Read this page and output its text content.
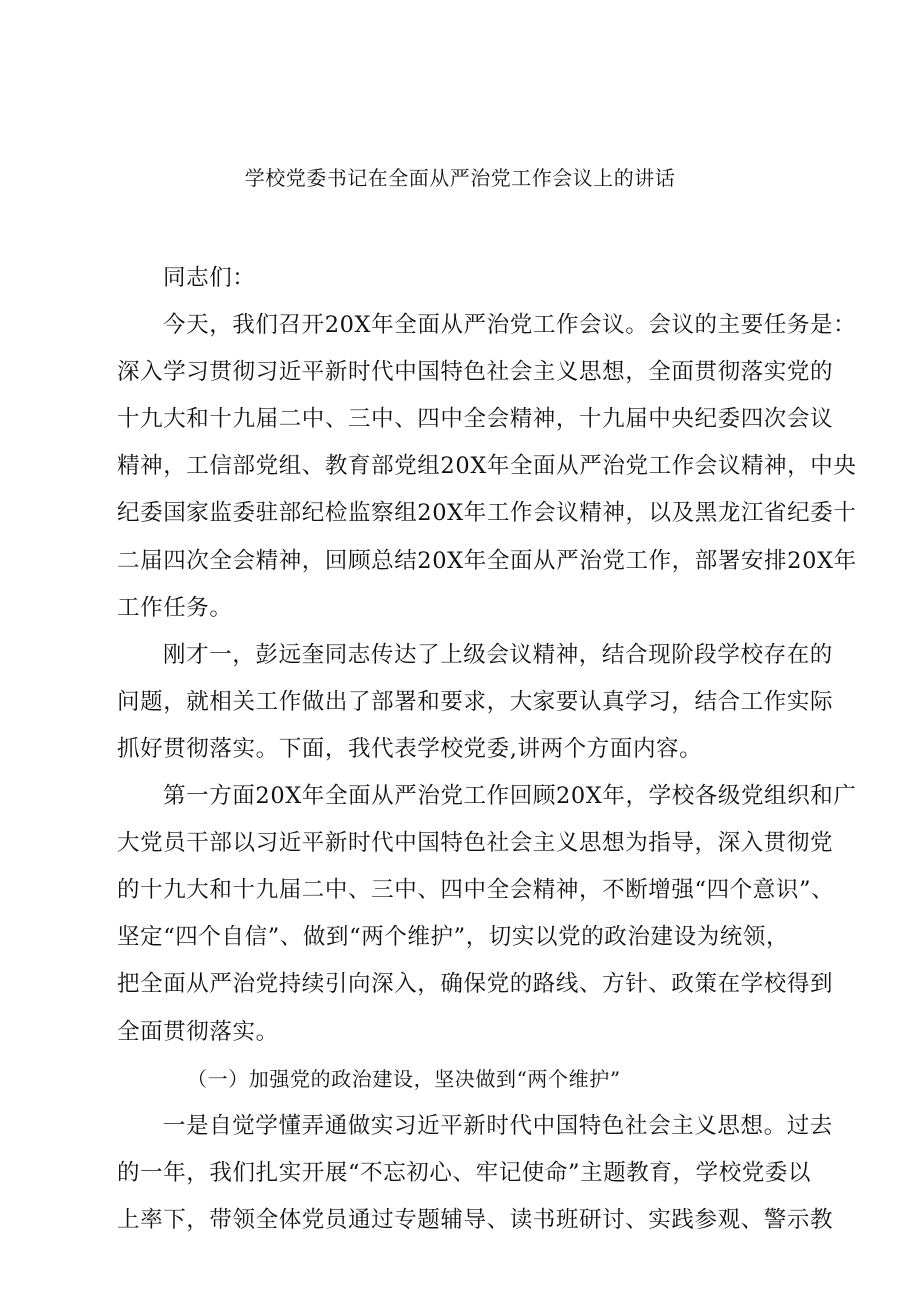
学校党委书记在全面从严治党工作会议上的讲话
同志们：
今天，我们召开20X年全面从严治党工作会议。会议的主要任务是：
深入学习贯彻习近平新时代中国特色社会主义思想，全面贯彻落实党的
十九大和十九届二中、三中、四中全会精神，十九届中央纪委四次会议
精神，工信部党组、教育部党组20X年全面从严治党工作会议精神，中央
纪委国家监委驻部纪检监察组20X年工作会议精神，以及黑龙江省纪委十
二届四次全会精神，回顾总结20X年全面从严治党工作，部署安排20X年
工作任务。
刚才一，彭远奎同志传达了上级会议精神，结合现阶段学校存在的
问题，就相关工作做出了部署和要求，大家要认真学习，结合工作实际
抓好贯彻落实。下面，我代表学校党委,讲两个方面内容。
第一方面20X年全面从严治党工作回顾20X年，学校各级党组织和广
大党员干部以习近平新时代中国特色社会主义思想为指导，深入贯彻党
的十九大和十九届二中、三中、四中全会精神，不断增强“四个意识”、
坚定“四个自信”、做到“两个维护”，切实以党的政治建设为统领，
把全面从严治党持续引向深入，确保党的路线、方针、政策在学校得到
全面贯彻落实。
（一）加强党的政治建设，坚决做到“两个维护”
一是自觉学懂弄通做实习近平新时代中国特色社会主义思想。过去
的一年，我们扎实开展“不忘初心、牢记使命”主题教育，学校党委以
上率下，带领全体党员通过专题辅导、读书班研讨、实践参观、警示教
